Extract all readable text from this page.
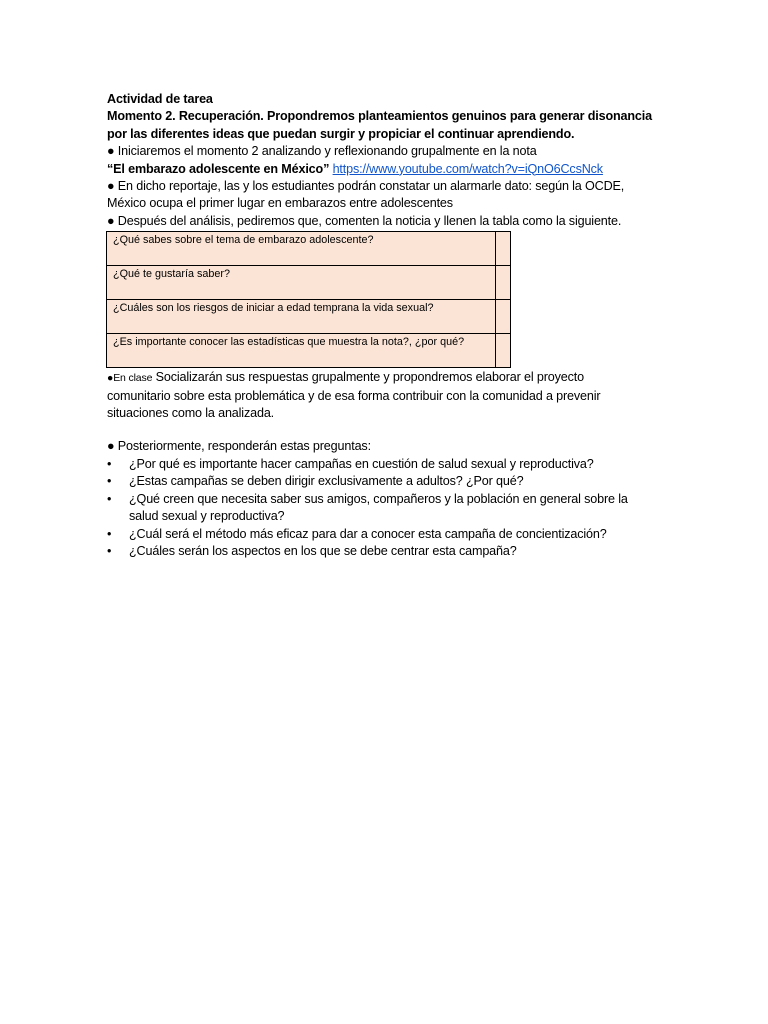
Actividad de tarea
Momento 2. Recuperación. Propondremos planteamientos genuinos para generar disonancia
por las diferentes ideas que puedan surgir y propiciar el continuar aprendiendo.
● Iniciaremos el momento 2 analizando y reflexionando grupalmente en la nota
“El embarazo adolescente en México” https://www.youtube.com/watch?v=iQnO6CcsNck
● En dicho reportaje, las y los estudiantes podrán constatar un alarmarle dato: según la OCDE,
México ocupa el primer lugar en embarazos entre adolescentes
● Después del análisis, pediremos que, comenten la noticia y llenen la tabla como la siguiente.
¿Qué sabes sobre el tema de embarazo adolescente?	
¿Qué te gustaría saber?	
¿Cuáles son los riesgos de iniciar a edad temprana la vida sexual?	
¿Es importante conocer las estadísticas que muestra la nota?, ¿por qué?	
●En clase Socializarán sus respuestas grupalmente y propondremos elaborar el proyecto
comunitario sobre esta problemática y de esa forma contribuir con la comunidad a prevenir
situaciones como la analizada.
● Posteriormente, responderán estas preguntas:
• ¿Por qué es importante hacer campañas en cuestión de salud sexual y reproductiva?
• ¿Estas campañas se deben dirigir exclusivamente a adultos? ¿Por qué?
• ¿Qué creen que necesita saber sus amigos, compañeros y la población en general sobre la
salud sexual y reproductiva?
• ¿Cuál será el método más eficaz para dar a conocer esta campaña de concientización?
• ¿Cuáles serán los aspectos en los que se debe centrar esta campaña?
